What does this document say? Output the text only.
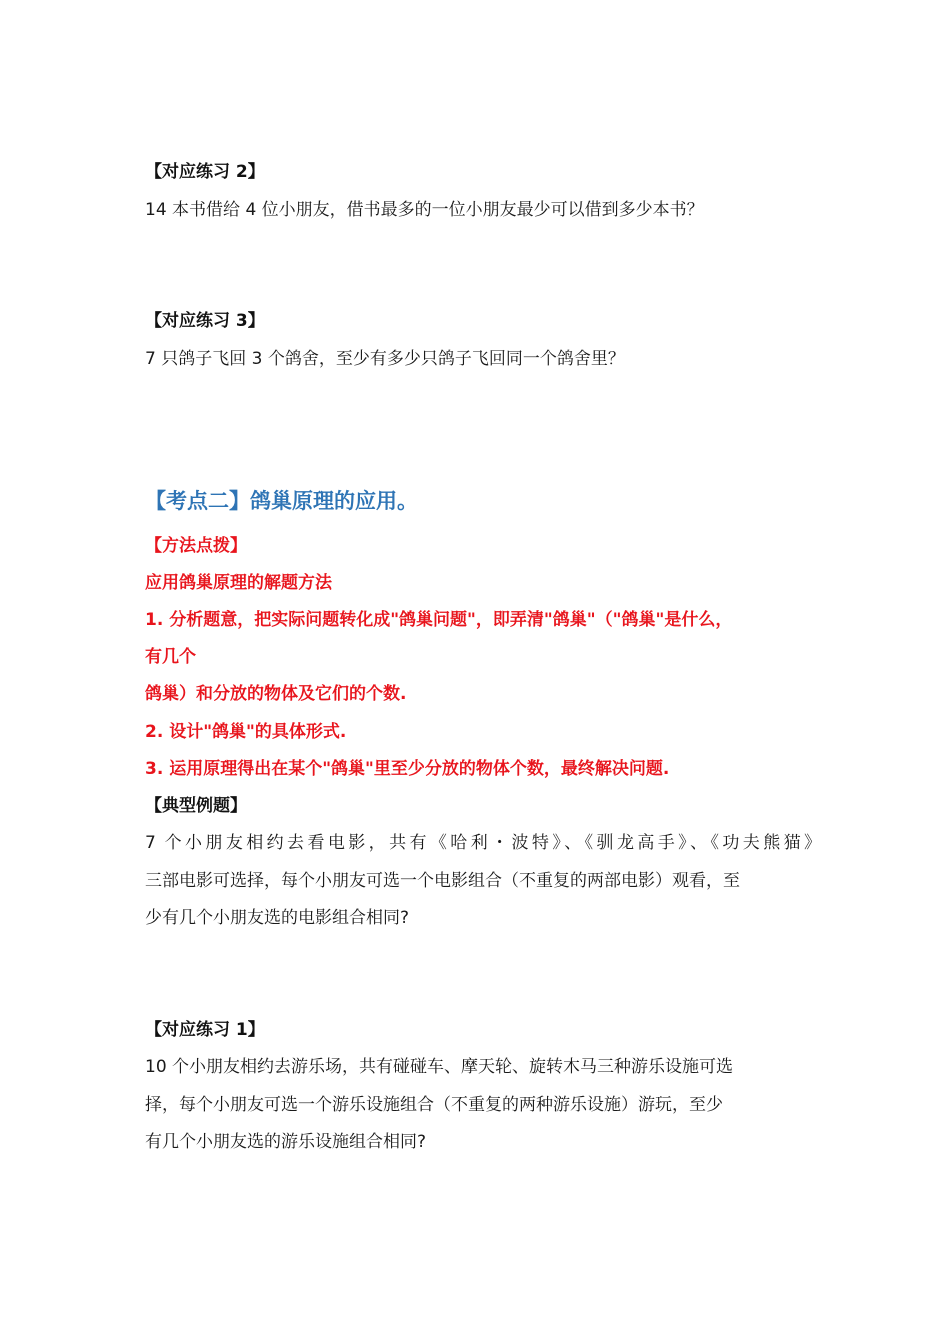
【对应练习 2】
14 本书借给 4 位小朋友，借书最多的一位小朋友最少可以借到多少本书？
【对应练习 3】
7 只鸽子飞回 3 个鸽舍，至少有多少只鸽子飞回同一个鸽舍里？
【考点二】鸽巢原理的应用。
【方法点拨】
应用鸽巢原理的解题方法
1. 分析题意，把实际问题转化成"鸽巢问题"，即弄清"鸽巢"（"鸽巢"是什么，
有几个
鸽巢）和分放的物体及它们的个数.
2. 设计"鸽巢"的具体形式.
3. 运用原理得出在某个"鸽巢"里至少分放的物体个数，最终解决问题.
【典型例题】
7 个小朋友相约去看电影，共有《哈利・波特》、《驯龙高手》、《功夫熊猫》
三部电影可选择，每个小朋友可选一个电影组合（不重复的两部电影）观看，至
少有几个小朋友选的电影组合相同?
【对应练习 1】
10 个小朋友相约去游乐场，共有碰碰车、摩天轮、旋转木马三种游乐设施可选
择，每个小朋友可选一个游乐设施组合（不重复的两种游乐设施）游玩，至少
有几个小朋友选的游乐设施组合相同?
